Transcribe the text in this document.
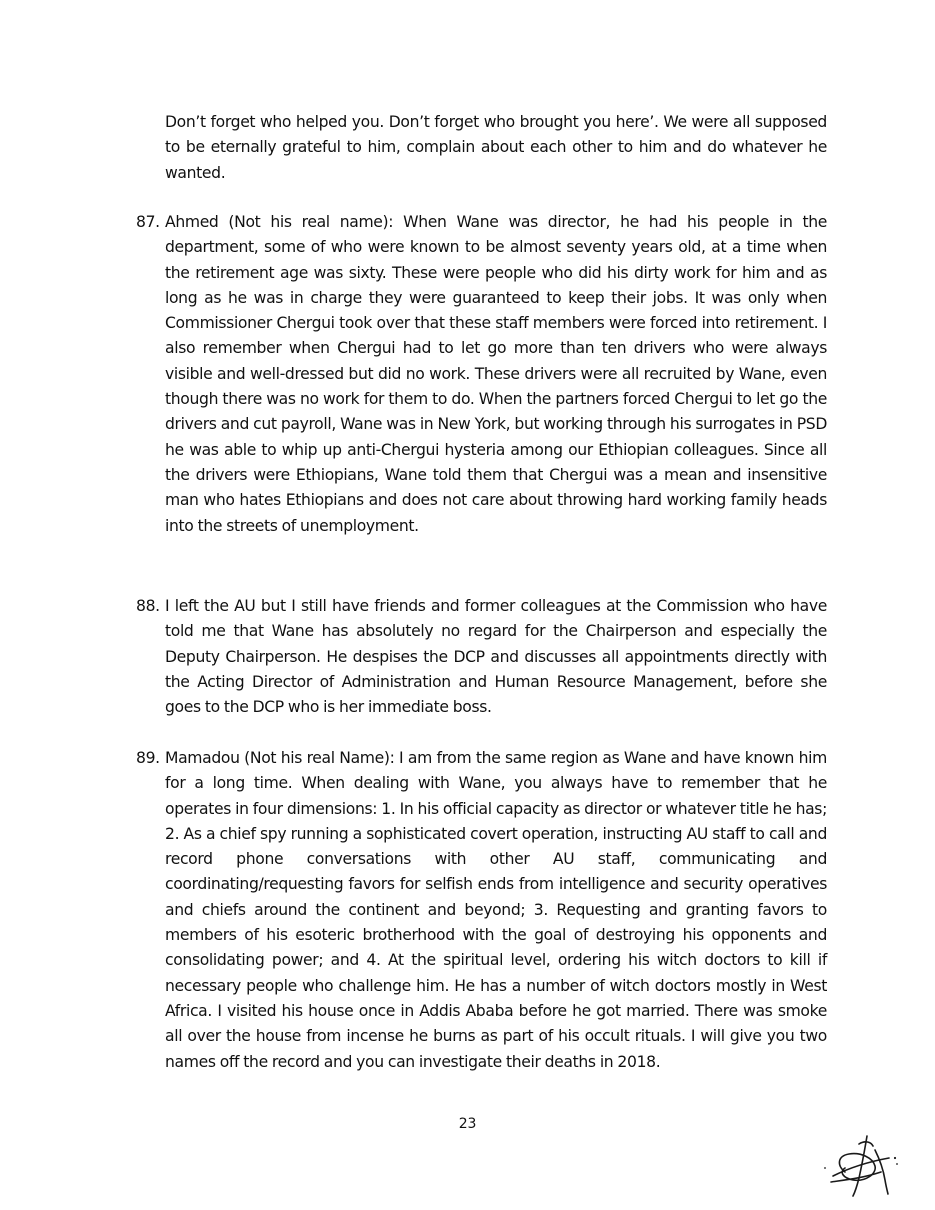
Don’t forget who helped you. Don’t forget who brought you here’. We were all supposed to be eternally grateful to him, complain about each other to him and do whatever he wanted.
87. Ahmed (Not his real name): When Wane was director, he had his people in the department, some of who were known to be almost seventy years old, at a time when the retirement age was sixty. These were people who did his dirty work for him and as long as he was in charge they were guaranteed to keep their jobs. It was only when Commissioner Chergui took over that these staff members were forced into retirement. I also remember when Chergui had to let go more than ten drivers who were always visible and well-dressed but did no work. These drivers were all recruited by Wane, even though there was no work for them to do. When the partners forced Chergui to let go the drivers and cut payroll, Wane was in New York, but working through his surrogates in PSD he was able to whip up anti-Chergui hysteria among our Ethiopian colleagues. Since all the drivers were Ethiopians, Wane told them that Chergui was a mean and insensitive man who hates Ethiopians and does not care about throwing hard working family heads into the streets of unemployment.
88. I left the AU but I still have friends and former colleagues at the Commission who have told me that Wane has absolutely no regard for the Chairperson and especially the Deputy Chairperson. He despises the DCP and discusses all appointments directly with the Acting Director of Administration and Human Resource Management, before she goes to the DCP who is her immediate boss.
89. Mamadou (Not his real Name): I am from the same region as Wane and have known him for a long time. When dealing with Wane, you always have to remember that he operates in four dimensions: 1. In his official capacity as director or whatever title he has; 2. As a chief spy running a sophisticated covert operation, instructing AU staff to call and record phone conversations with other AU staff, communicating and coordinating/requesting favors for selfish ends from intelligence and security operatives and chiefs around the continent and beyond; 3. Requesting and granting favors to members of his esoteric brotherhood with the goal of destroying his opponents and consolidating power; and 4. At the spiritual level, ordering his witch doctors to kill if necessary people who challenge him. He has a number of witch doctors mostly in West Africa. I visited his house once in Addis Ababa before he got married. There was smoke all over the house from incense he burns as part of his occult rituals. I will give you two names off the record and you can investigate their deaths in 2018.
23
